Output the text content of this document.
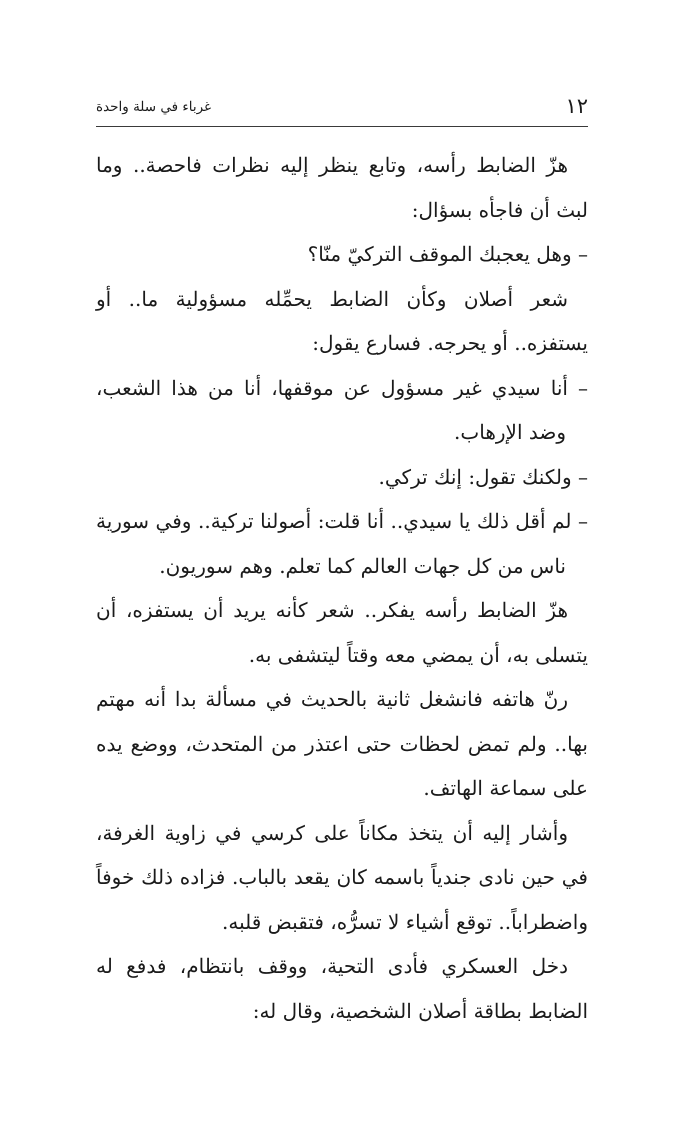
١٢
غرباء في سلة واحدة

هزّ الضابط رأسه، وتابع ينظر إليه نظرات فاحصة.. وما لبث أن فاجأه بسؤال:

– وهل يعجبك الموقف التركيّ منّا؟

شعر أصلان وكأن الضابط يحمِّله مسؤولية ما.. أو يستفزه.. أو يحرجه. فسارع يقول:

– أنا سيدي غير مسؤول عن موقفها، أنا من هذا الشعب، وضد الإرهاب.

– ولكنك تقول: إنك تركي.

– لم أقل ذلك يا سيدي.. أنا قلت: أصولنا تركية.. وفي سورية ناس من كل جهات العالم كما تعلم. وهم سوريون.

هزّ الضابط رأسه يفكر.. شعر كأنه يريد أن يستفزه، أن يتسلى به، أن يمضي معه وقتاً ليتشفى به.

رنّ هاتفه فانشغل ثانية بالحديث في مسألة بدا أنه مهتم بها.. ولم تمض لحظات حتى اعتذر من المتحدث، ووضع يده على سماعة الهاتف.

وأشار إليه أن يتخذ مكاناً على كرسي في زاوية الغرفة، في حين نادى جندياً باسمه كان يقعد بالباب. فزاده ذلك خوفاً واضطراباً.. توقع أشياء لا تسرُّه، فتقبض قلبه.

دخل العسكري فأدى التحية، ووقف بانتظام، فدفع له الضابط بطاقة أصلان الشخصية، وقال له:
